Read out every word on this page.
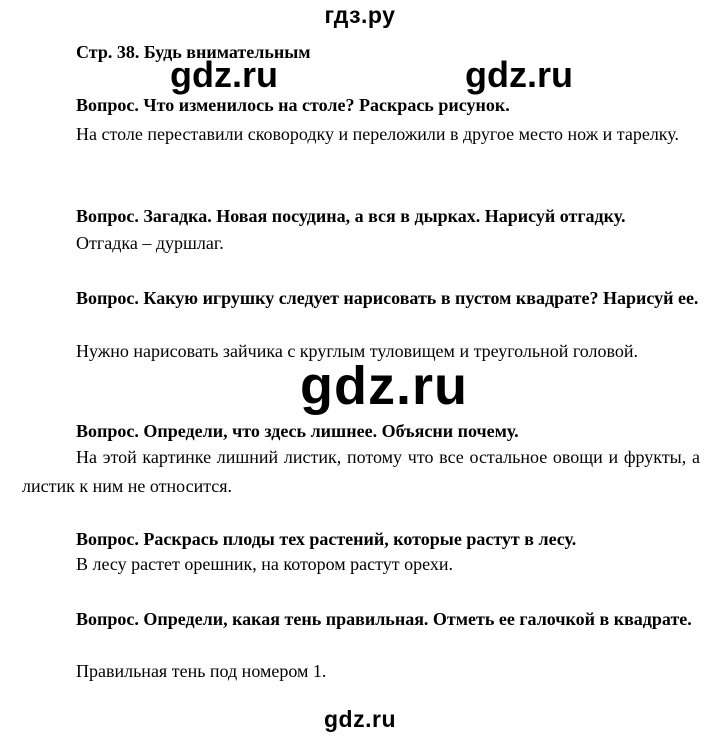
гдз.ру
Стр. 38. Будь внимательным
gdz.ru	gdz.ru
Вопрос. Что изменилось на столе? Раскрась рисунок.
На столе переставили сковородку и переложили в другое место нож и тарелку.
Вопрос. Загадка. Новая посудина, а вся в дырках. Нарисуй отгадку.
Отгадка – дуршлаг.
Вопрос. Какую игрушку следует нарисовать в пустом квадрате? Нарисуй ее.
Нужно нарисовать зайчика с круглым туловищем и треугольной головой.
gdz.ru
Вопрос. Определи, что здесь лишнее. Объясни почему.
На этой картинке лишний листик, потому что все остальное овощи и фрукты, а листик к ним не относится.
Вопрос. Раскрась плоды тех растений, которые растут в лесу.
В лесу растет орешник, на котором растут орехи.
Вопрос. Определи, какая тень правильная. Отметь ее галочкой в квадрате.
Правильная тень под номером 1.
gdz.ru
